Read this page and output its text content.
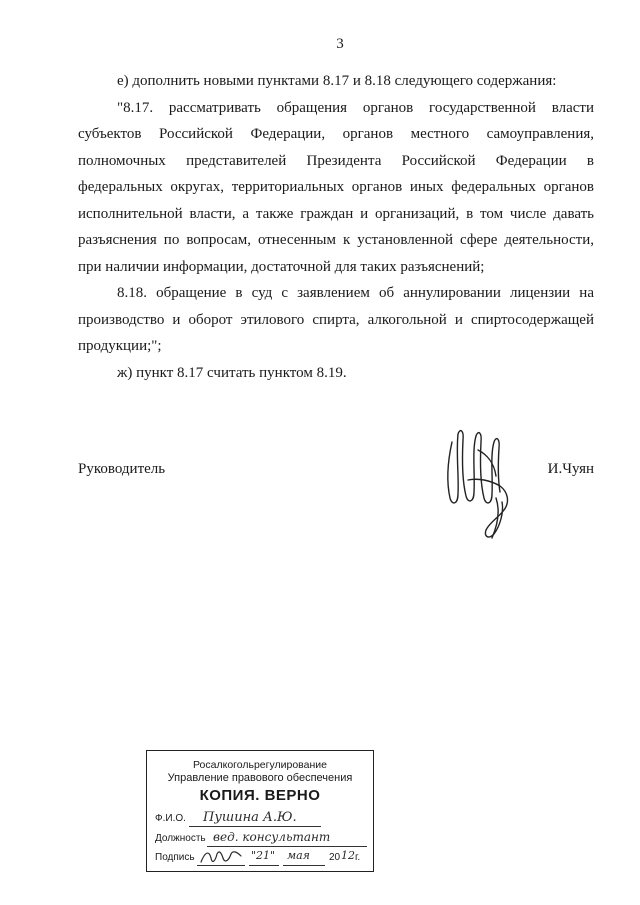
3

е) дополнить новыми пунктами 8.17 и 8.18 следующего содержания:

"8.17. рассматривать обращения органов государственной власти субъектов Российской Федерации, органов местного самоуправления, полномочных представителей Президента Российской Федерации в федеральных округах, территориальных органов иных федеральных органов исполнительной власти, а также граждан и организаций, в том числе давать разъяснения по вопросам, отнесенным к установленной сфере деятельности, при наличии информации, достаточной для таких разъяснений;

8.18. обращение в суд с заявлением об аннулировании лицензии на производство и оборот этилового спирта, алкогольной и спиртосодержащей продукции;";

ж) пункт 8.17 считать пунктом 8.19.

Руководитель	И.Чуян
Росалкогольрегулирование
Управление правового обеспечения
КОПИЯ. ВЕРНО
Ф.И.О. Пушина А.Ю.
Должность вед. консультант
Подпись	"21" мая 20 12 г.
